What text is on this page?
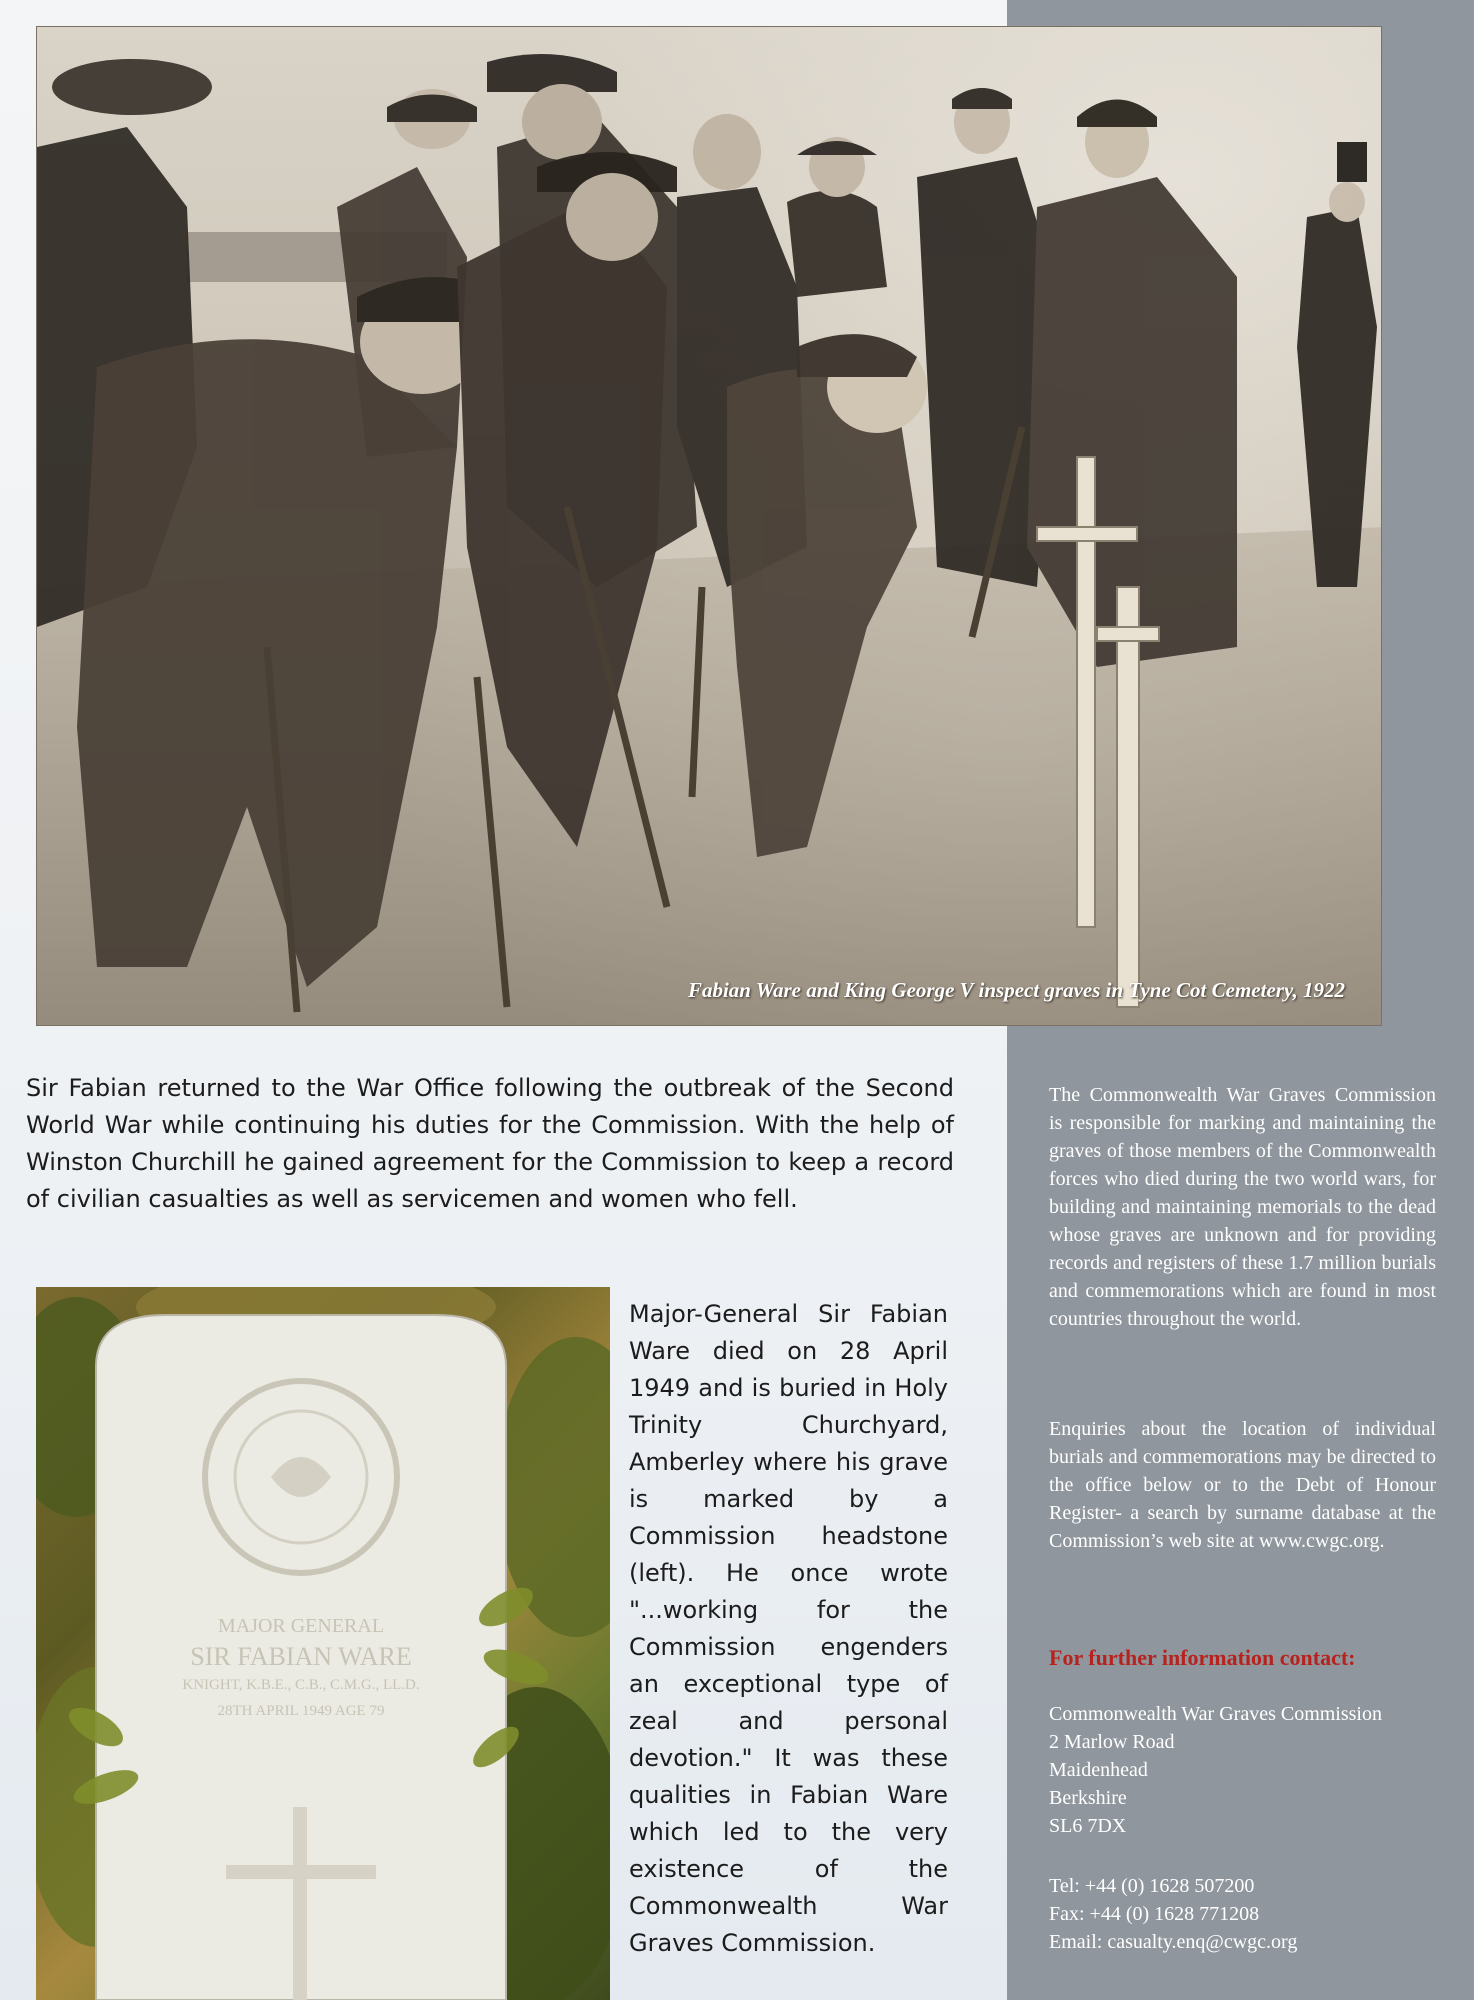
Fabian Ware and King George V inspect graves in Tyne Cot Cemetery, 1922

Sir Fabian returned to the War Office following the outbreak of the Second World War while continuing his duties for the Commission. With the help of Winston Churchill he gained agreement for the Commission to keep a record of civilian casualties as well as servicemen and women who fell.

MAJOR GENERAL
SIR FABIAN WARE
KNIGHT, K.B.E., C.B., C.M.G., LL.D.
28TH APRIL 1949 AGE 79

Major-General Sir Fabian Ware died on 28 April 1949 and is buried in Holy Trinity Churchyard, Amberley where his grave is marked by a Commission headstone (left). He once wrote "...working for the Commission engenders an exceptional type of zeal and personal devotion." It was these qualities in Fabian Ware which led to the very existence of the Commonwealth War Graves Commission.

The Commonwealth War Graves Commission is responsible for marking and maintaining the graves of those members of the Commonwealth forces who died during the two world wars, for building and maintaining memorials to the dead whose graves are unknown and for providing records and registers of these 1.7 million burials and commemorations which are found in most countries throughout the world.

Enquiries about the location of individual burials and commemorations may be directed to the office below or to the Debt of Honour Register- a search by surname database at the Commission’s web site at www.cwgc.org.

For further information contact:

Commonwealth War Graves Commission
2 Marlow Road
Maidenhead
Berkshire
SL6 7DX
Tel: +44 (0) 1628 507200
Fax: +44 (0) 1628 771208
Email: casualty.enq@cwgc.org
